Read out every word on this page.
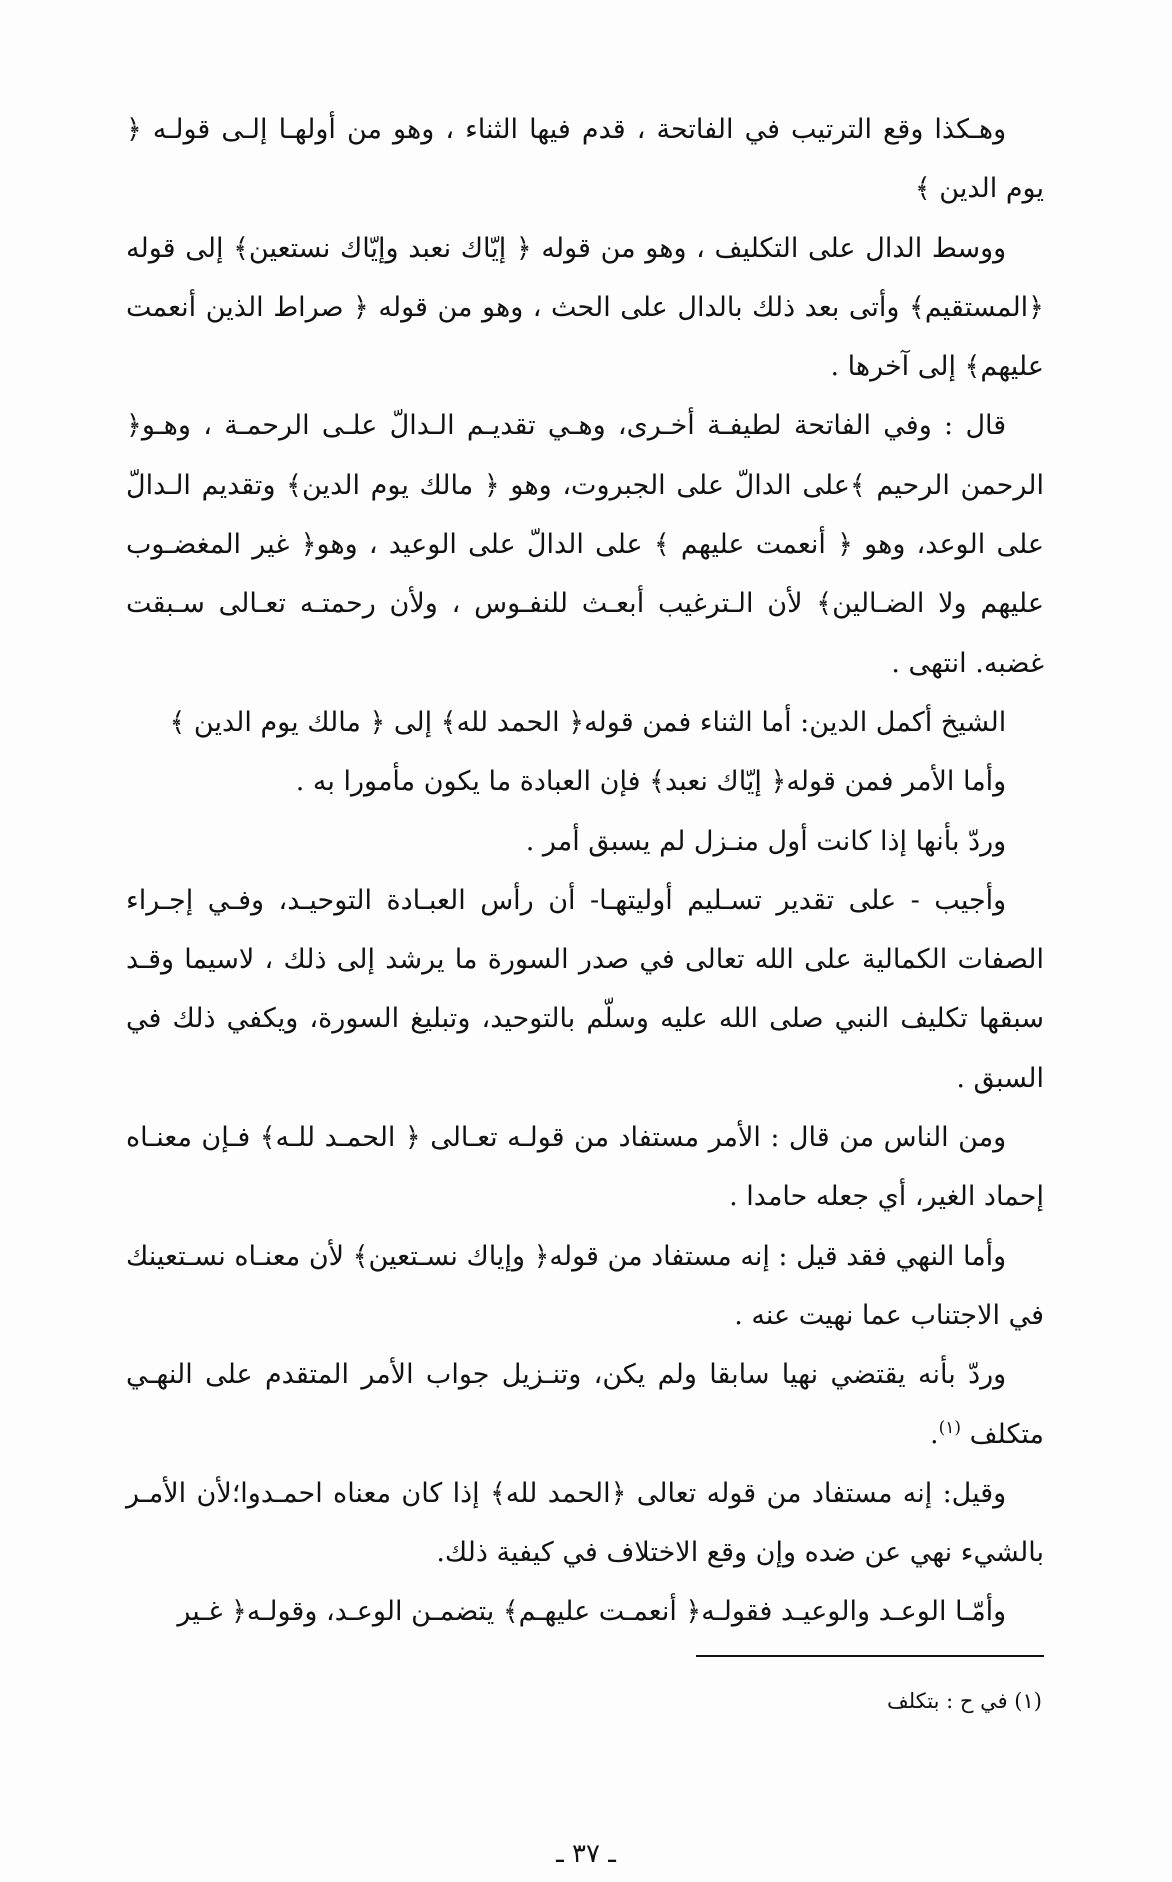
وهـكذا وقع الترتيب في الفاتحة ، قدم فيها الثناء ، وهو من أولهـا إلـى قولـه ﴿ يوم الدين ﴾

ووسط الدال على التكليف ، وهو من قوله ﴿ إيّاك نعبد وإيّاك نستعين﴾ إلى قوله ﴿المستقيم﴾ وأتى بعد ذلك بالدال على الحث ، وهو من قوله ﴿ صراط الذين أنعمت عليهم﴾ إلى آخرها .

قال : وفي الفاتحة لطيفـة أخـرى، وهـي تقديـم الـدالّ علـى الرحمـة ، وهـو﴿ الرحمن الرحيم ﴾على الدالّ على الجبروت، وهو ﴿ مالك يوم الدين﴾ وتقديم الـدالّ على الوعد، وهو ﴿ أنعمت عليهم ﴾ على الدالّ على الوعيد ، وهو﴿ غير المغضـوب عليهم ولا الضـالين﴾ لأن الـترغيب أبعـث للنفـوس ، ولأن رحمتـه تعـالى سـبقت غضبه. انتهى .

الشيخ أكمل الدين: أما الثناء فمن قوله﴿ الحمد لله﴾ إلى ﴿ مالك يوم الدين ﴾

وأما الأمر فمن قوله﴿ إيّاك نعبد﴾ فإن العبادة ما يكون مأمورا به .

وردّ بأنها إذا كانت أول منـزل لم يسبق أمر .

وأجيب - على تقدير تسـليم أوليتهـا- أن رأس العبـادة التوحيـد، وفـي إجـراء الصفات الكمالية على الله تعالى في صدر السورة ما يرشد إلى ذلك ، لاسيما وقـد سبقها تكليف النبي صلى الله عليه وسلّم بالتوحيد، وتبليغ السورة، ويكفي ذلك في السبق .

ومن الناس من قال : الأمر مستفاد من قولـه تعـالى ﴿ الحمـد للـه﴾ فـإن معنـاه إحماد الغير، أي جعله حامدا .

وأما النهي فقد قيل : إنه مستفاد من قوله﴿ وإياك نسـتعين﴾ لأن معنـاه نسـتعينك في الاجتناب عما نهيت عنه .

وردّ بأنه يقتضي نهيا سابقا ولم يكن، وتنـزيل جواب الأمر المتقدم على النهـي متكلف $^{(١)}$.

وقيل: إنه مستفاد من قوله تعالى ﴿الحمد لله﴾ إذا كان معناه احمـدوا؛لأن الأمـر بالشيء نهي عن ضده وإن وقع الاختلاف في كيفية ذلك.

وأمّـا الوعـد والوعيـد فقولـه﴿ أنعمـت عليهـم﴾ يتضمـن الوعـد، وقولـه﴿ غـير

(١) في ح : بتكلف
ـ ٣٧ ـ
